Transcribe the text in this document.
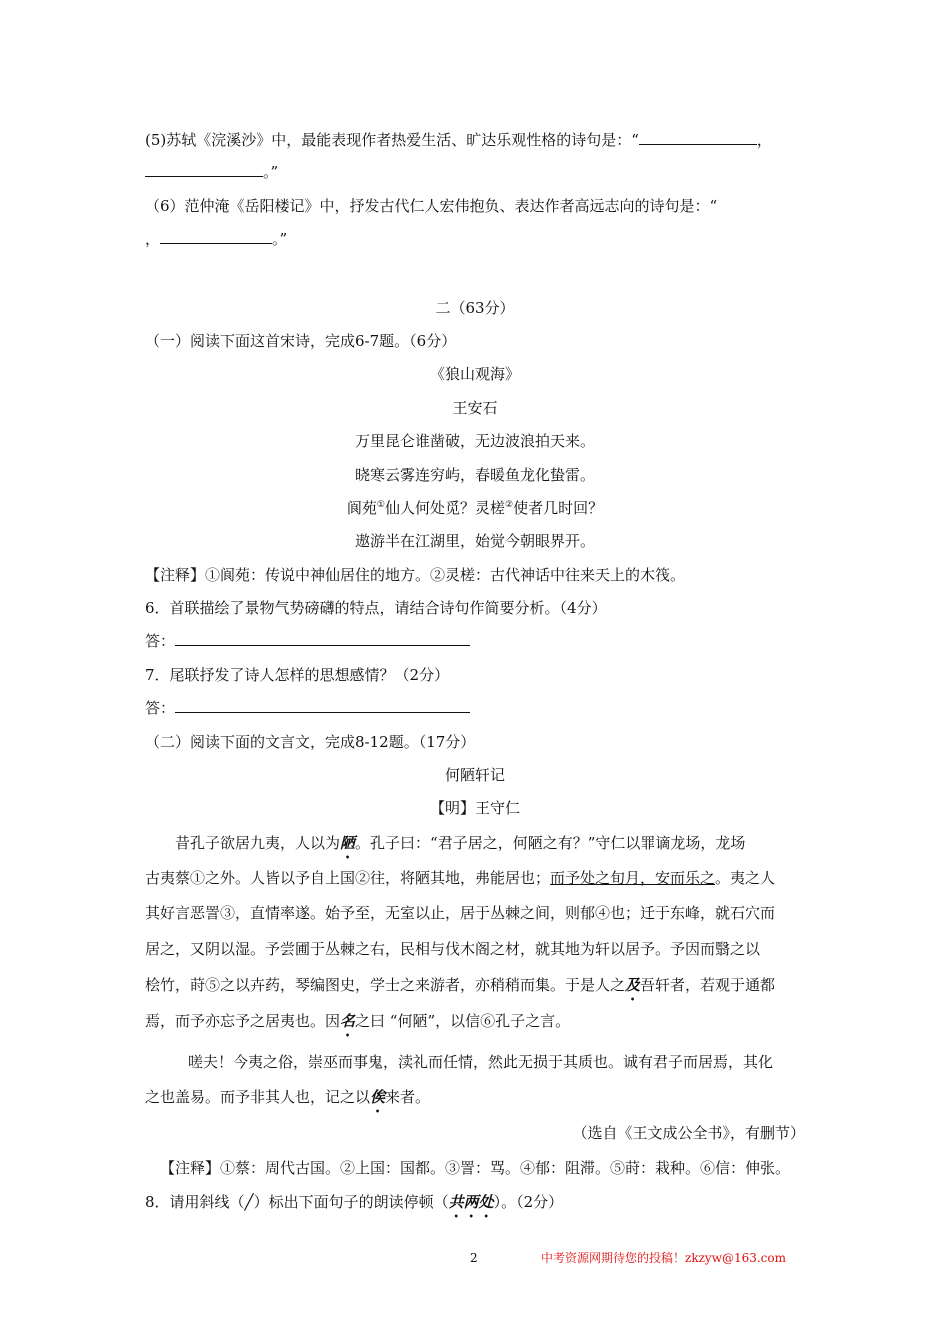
(5)苏轼《浣溪沙》中，最能表现作者热爱生活、旷达乐观性格的诗句是：“	，
。”
（6）范仲淹《岳阳楼记》中，抒发古代仁人宏伟抱负、表达作者高远志向的诗句是：“
，	。”
二（63分）
（一）阅读下面这首宋诗，完成6-7题。（6分）
《狼山观海》
王安石
万里昆仑谁凿破，无边波浪拍天来。
晓寒云雾连穷屿，春暖鱼龙化蛰雷。
阆苑①仙人何处觅？灵槎②使者几时回？
遨游半在江湖里，始觉今朝眼界开。
【注释】①阆苑：传说中神仙居住的地方。②灵槎：古代神话中往来天上的木筏。
6．首联描绘了景物气势磅礴的特点，请结合诗句作简要分析。（4分）
答：
7．尾联抒发了诗人怎样的思想感情？（2分）
答：
（二）阅读下面的文言文，完成8-12题。（17分）
何陋轩记
【明】王守仁
昔孔子欲居九夷，人以为陋。孔子曰：“君子居之，何陋之有？”守仁以罪谪龙场，龙场
古夷蔡①之外。人皆以予自上国②往，将陋其地，弗能居也；而予处之旬月，安而乐之。夷之人
其好言恶詈③，直情率遂。始予至，无室以止，居于丛棘之间，则郁④也；迁于东峰，就石穴而
居之，又阴以湿。予尝圃于丛棘之右，民相与伐木阁之材，就其地为轩以居予。予因而翳之以
桧竹，莳⑤之以卉药，琴编图史，学士之来游者，亦稍稍而集。于是人之及吾轩者，若观于通都
焉，而予亦忘予之居夷也。因名之曰 “何陋”，以信⑥孔子之言。
嗟夫！今夷之俗，崇巫而事鬼，渎礼而任情，然此无损于其质也。诚有君子而居焉，其化
之也盖易。而予非其人也，记之以俟来者。
（选自《王文成公全书》，有删节）
【注释】①蔡：周代古国。②上国：国都。③詈：骂。④郁：阻滞。⑤莳：栽种。⑥信：伸张。
8．请用斜线（╱）标出下面句子的朗读停顿（共两处）。（2分）
2	中考资源网期待您的投稿！zkzyw@163.com
